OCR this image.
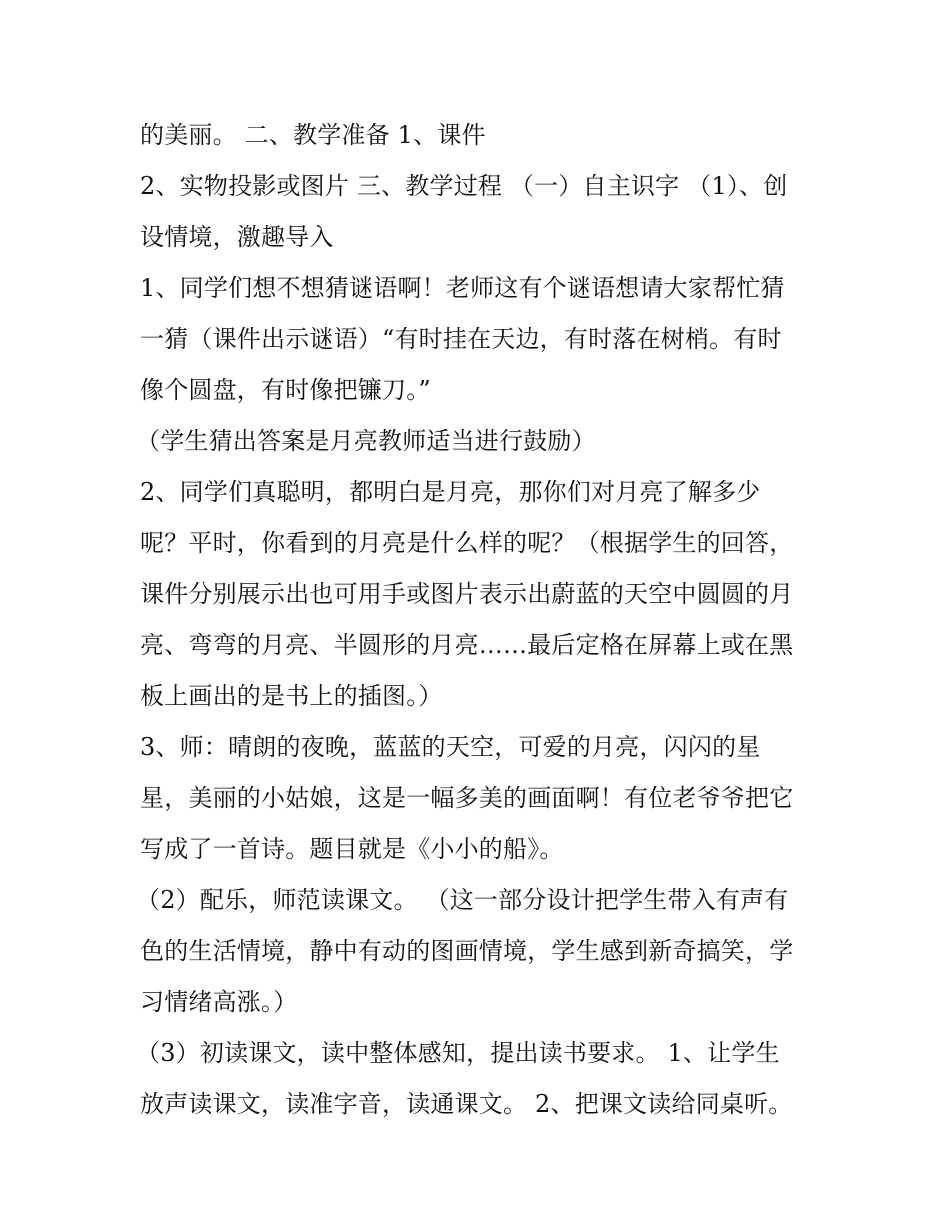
的美丽。 二、教学准备 1、课件
2、实物投影或图片 三、教学过程 （一）自主识字 （1）、创
设情境，激趣导入
1、同学们想不想猜谜语啊！老师这有个谜语想请大家帮忙猜
一猜（课件出示谜语）“有时挂在天边，有时落在树梢。有时
像个圆盘，有时像把镰刀。”
（学生猜出答案是月亮教师适当进行鼓励）
2、同学们真聪明，都明白是月亮，那你们对月亮了解多少
呢？平时，你看到的月亮是什么样的呢？（根据学生的回答，
课件分别展示出也可用手或图片表示出蔚蓝的天空中圆圆的月
亮、弯弯的月亮、半圆形的月亮……最后定格在屏幕上或在黑
板上画出的是书上的插图。）
3、师：晴朗的夜晚，蓝蓝的天空，可爱的月亮，闪闪的星
星，美丽的小姑娘，这是一幅多美的画面啊！有位老爷爷把它
写成了一首诗。题目就是《小小的船》。
（2）配乐，师范读课文。 （这一部分设计把学生带入有声有
色的生活情境，静中有动的图画情境，学生感到新奇搞笑，学
习情绪高涨。）
（3）初读课文，读中整体感知，提出读书要求。 1、让学生
放声读课文，读准字音，读通课文。 2、把课文读给同桌听。
